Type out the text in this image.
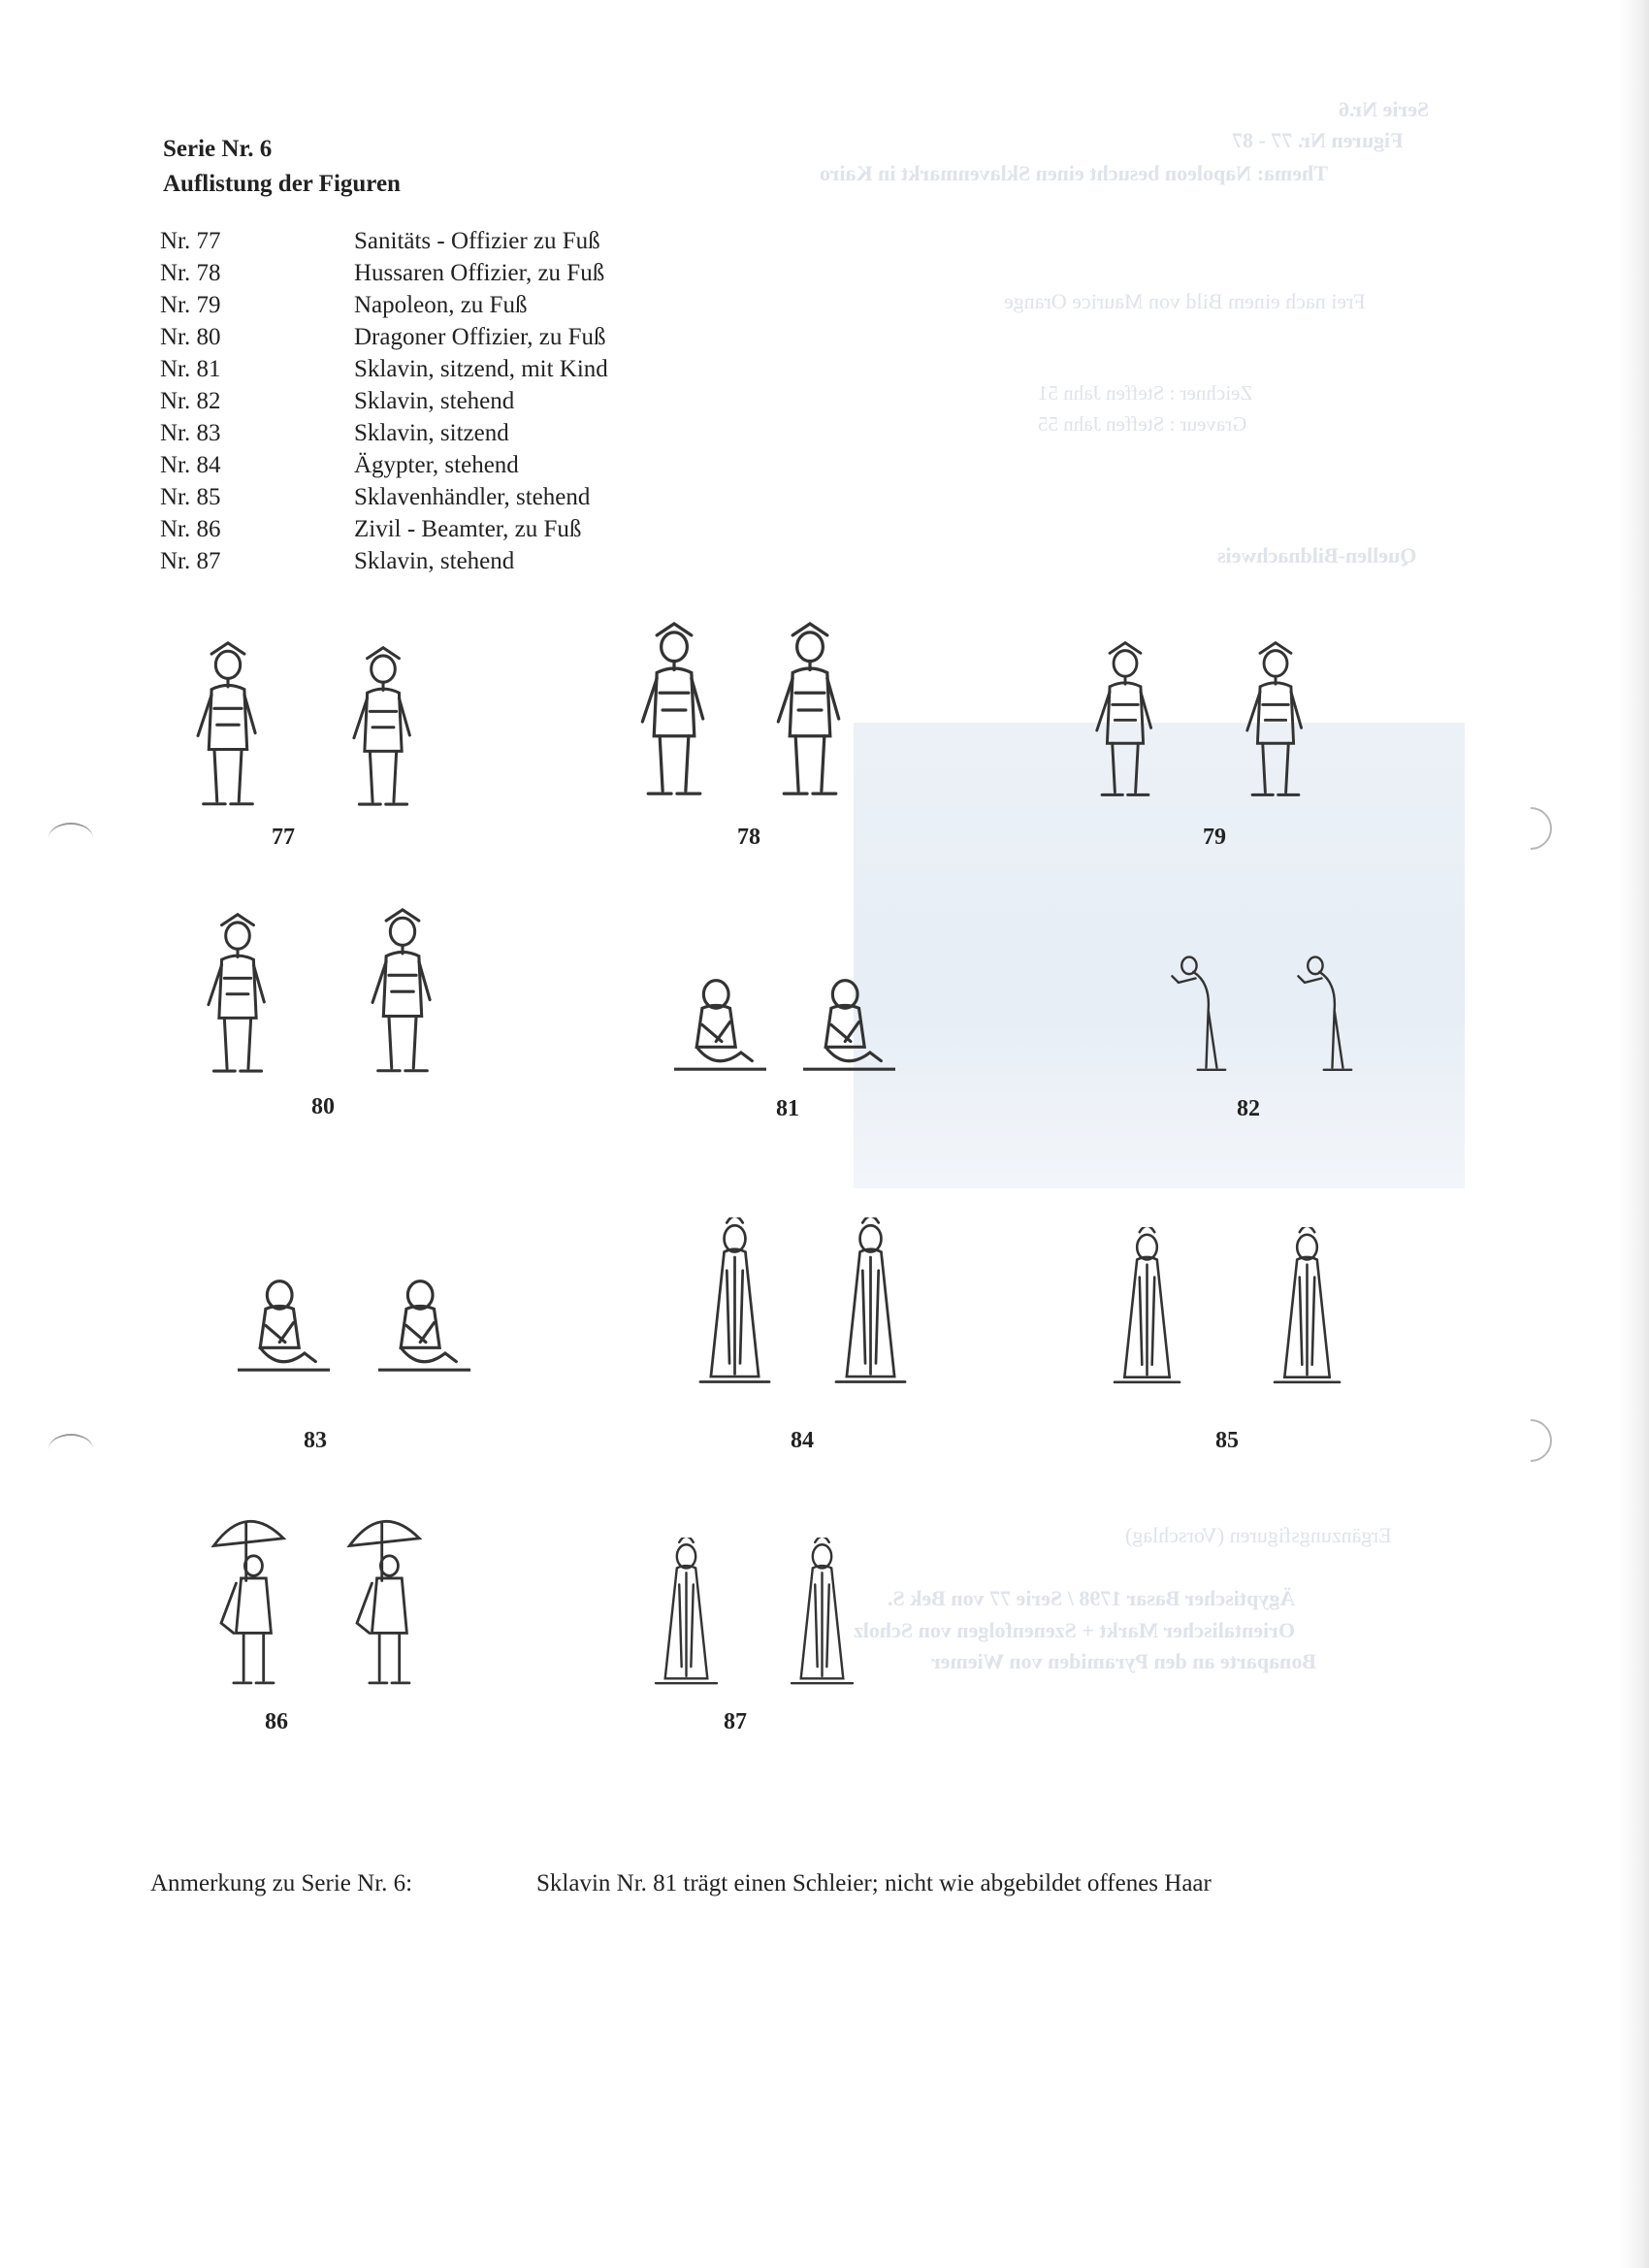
Serie Nr.6
Figuren Nr. 77 - 87
Thema: Napoleon besucht einen Sklavenmarkt in Kairo
Frei nach einem Bild von Maurice Orange
Zeichner : Steffen Jahn 51
Graveur : Steffen Jahn 55
Quellen-Bildnachweis
Ergänzungsfiguren (Vorschlag)
Ägyptischer Basar 1798 / Serie 77 von Bek S.
Orientalischer Markt + Szenenfolgen von Scholz
Bonaparte an den Pyramiden von Wiemer
Serie Nr. 6
Auflistung der Figuren
Nr. 77	Sanitäts - Offizier zu Fuß
Nr. 78	Hussaren Offizier, zu Fuß
Nr. 79	Napoleon, zu Fuß
Nr. 80	Dragoner Offizier, zu Fuß
Nr. 81	Sklavin, sitzend, mit Kind
Nr. 82	Sklavin, stehend
Nr. 83	Sklavin, sitzend
Nr. 84	Ägypter, stehend
Nr. 85	Sklavenhändler, stehend
Nr. 86	Zivil - Beamter, zu Fuß
Nr. 87	Sklavin, stehend
77	78	79
80	81	82
83	84	85
86	87
Anmerkung zu Serie Nr. 6:	Sklavin Nr. 81 trägt einen Schleier; nicht wie abgebildet offenes Haar
